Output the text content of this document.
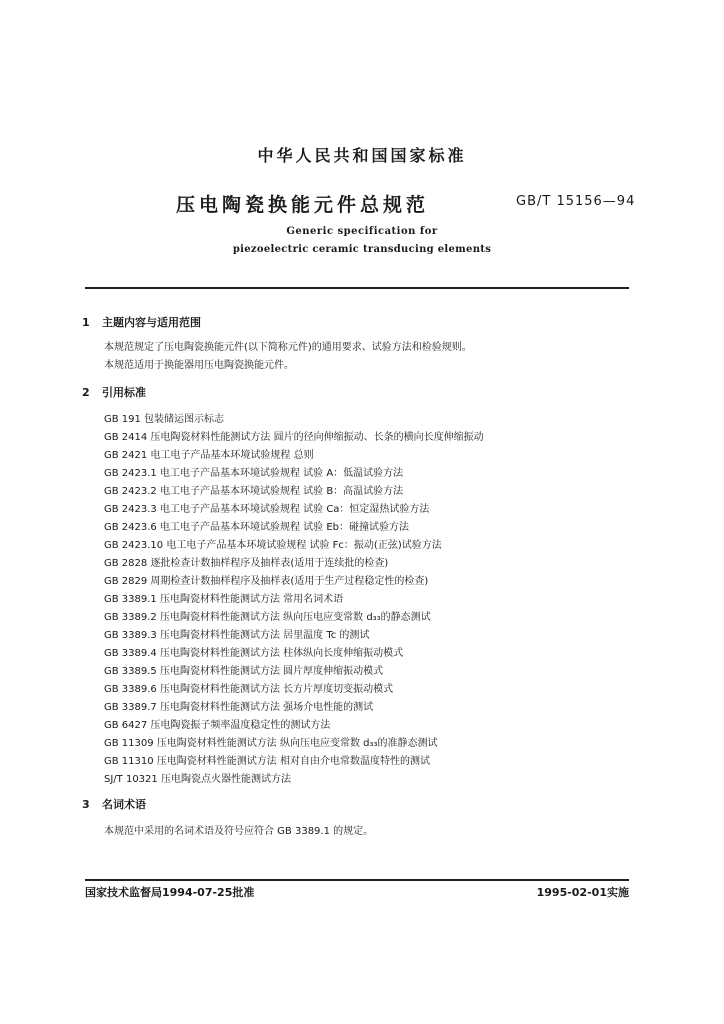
中华人民共和国国家标准
压电陶瓷换能元件总规范	GB/T 15156—94
Generic specification for
piezoelectric ceramic transducing elements
1 主题内容与适用范围
本规范规定了压电陶瓷换能元件(以下简称元件)的通用要求、试验方法和检验规则。
本规范适用于换能器用压电陶瓷换能元件。
2 引用标准
GB 191 包装储运图示标志
GB 2414 压电陶瓷材料性能测试方法 圆片的径向伸缩振动、长条的横向长度伸缩振动
GB 2421 电工电子产品基本环境试验规程 总则
GB 2423.1 电工电子产品基本环境试验规程 试验 A：低温试验方法
GB 2423.2 电工电子产品基本环境试验规程 试验 B：高温试验方法
GB 2423.3 电工电子产品基本环境试验规程 试验 Ca：恒定湿热试验方法
GB 2423.6 电工电子产品基本环境试验规程 试验 Eb：碰撞试验方法
GB 2423.10 电工电子产品基本环境试验规程 试验 Fc：振动(正弦)试验方法
GB 2828 逐批检查计数抽样程序及抽样表(适用于连续批的检查)
GB 2829 周期检查计数抽样程序及抽样表(适用于生产过程稳定性的检查)
GB 3389.1 压电陶瓷材料性能测试方法 常用名词术语
GB 3389.2 压电陶瓷材料性能测试方法 纵向压电应变常数 d₃₃的静态测试
GB 3389.3 压电陶瓷材料性能测试方法 居里温度 Tc 的测试
GB 3389.4 压电陶瓷材料性能测试方法 柱体纵向长度伸缩振动模式
GB 3389.5 压电陶瓷材料性能测试方法 圆片厚度伸缩振动模式
GB 3389.6 压电陶瓷材料性能测试方法 长方片厚度切变振动模式
GB 3389.7 压电陶瓷材料性能测试方法 强场介电性能的测试
GB 6427 压电陶瓷振子频率温度稳定性的测试方法
GB 11309 压电陶瓷材料性能测试方法 纵向压电应变常数 d₃₃的准静态测试
GB 11310 压电陶瓷材料性能测试方法 相对自由介电常数温度特性的测试
SJ/T 10321 压电陶瓷点火器性能测试方法
3 名词术语
本规范中采用的名词术语及符号应符合 GB 3389.1 的规定。
国家技术监督局1994-07-25批准	1995-02-01实施
